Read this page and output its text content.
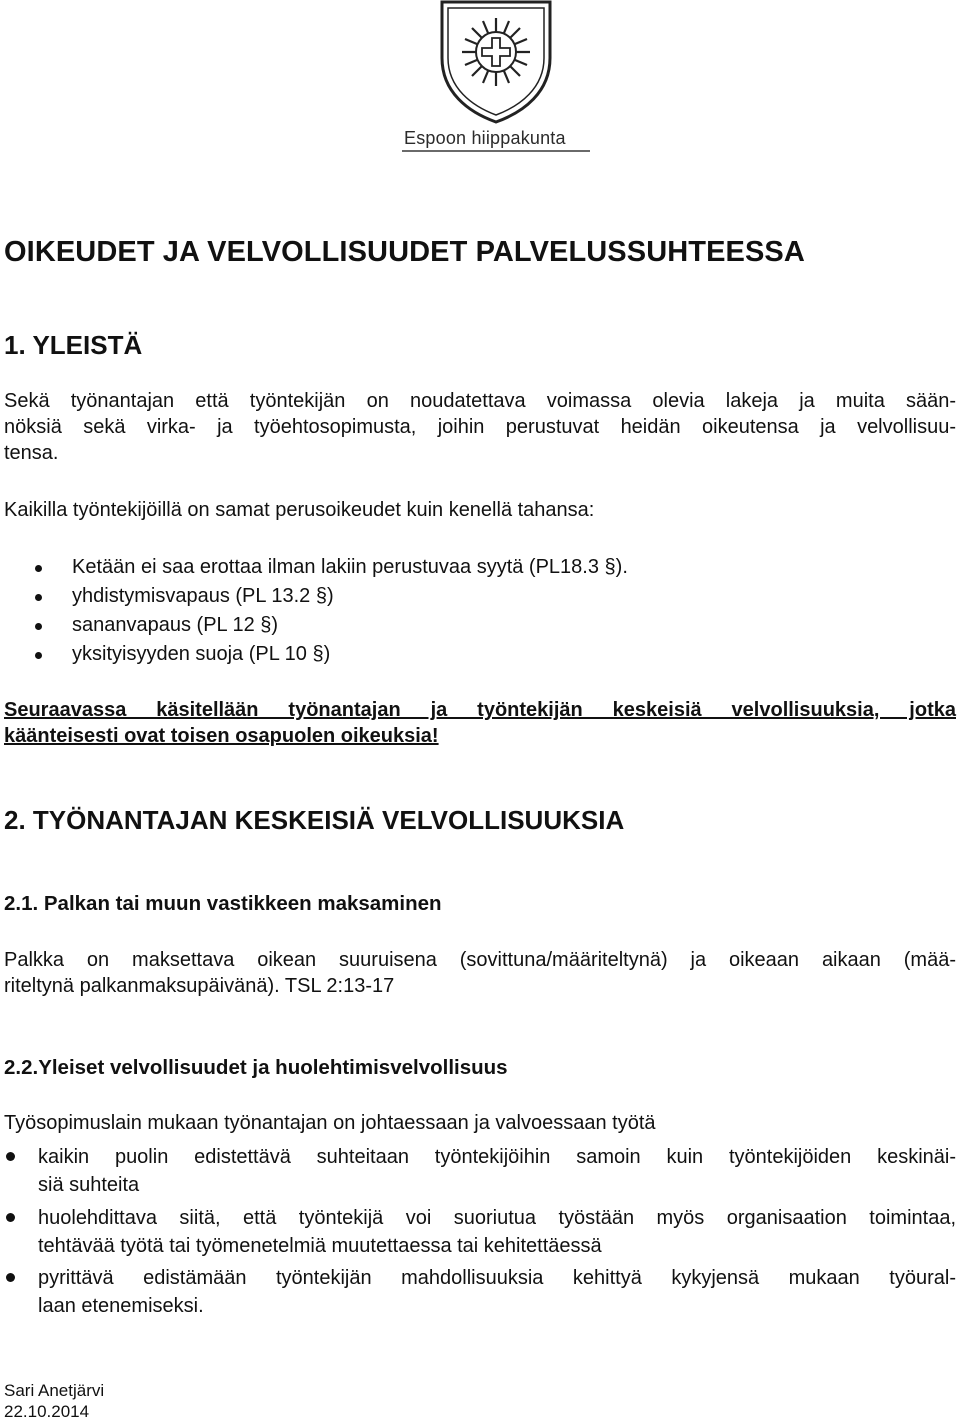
Espoon hiippakunta
OIKEUDET JA VELVOLLISUUDET PALVELUSSUHTEESSA
1. YLEISTÄ
Sekä työnantajan että työntekijän on noudatettava voimassa olevia lakeja ja muita sään-
nöksiä sekä virka- ja työehtosopimusta, joihin perustuvat heidän oikeutensa ja velvollisuu-
tensa.
Kaikilla työntekijöillä on samat perusoikeudet kuin kenellä tahansa:
Ketään ei saa erottaa ilman lakiin perustuvaa syytä (PL18.3 §).
yhdistymisvapaus (PL 13.2 §)
sananvapaus (PL 12 §)
yksityisyyden suoja (PL 10 §)
Seuraavassa käsitellään työnantajan ja työntekijän keskeisiä velvollisuuksia, jotka
käänteisesti ovat toisen osapuolen oikeuksia!
2. TYÖNANTAJAN KESKEISIÄ VELVOLLISUUKSIA
2.1. Palkan tai muun vastikkeen maksaminen
Palkka on maksettava oikean suuruisena (sovittuna/määriteltynä) ja oikeaan aikaan (mää-
riteltynä palkanmaksupäivänä). TSL 2:13-17
2.2.Yleiset velvollisuudet ja huolehtimisvelvollisuus
Työsopimuslain mukaan työnantajan on johtaessaan ja valvoessaan työtä
kaikin puolin edistettävä suhteitaan työntekijöihin samoin kuin työntekijöiden keskinäi-
siä suhteita
huolehdittava siitä, että työntekijä voi suoriutua työstään myös organisaation toimintaa,
tehtävää työtä tai työmenetelmiä muutettaessa tai kehitettäessä
pyrittävä edistämään työntekijän mahdollisuuksia kehittyä kykyjensä mukaan työural-
laan etenemiseksi.
Sari Anetjärvi
22.10.2014
